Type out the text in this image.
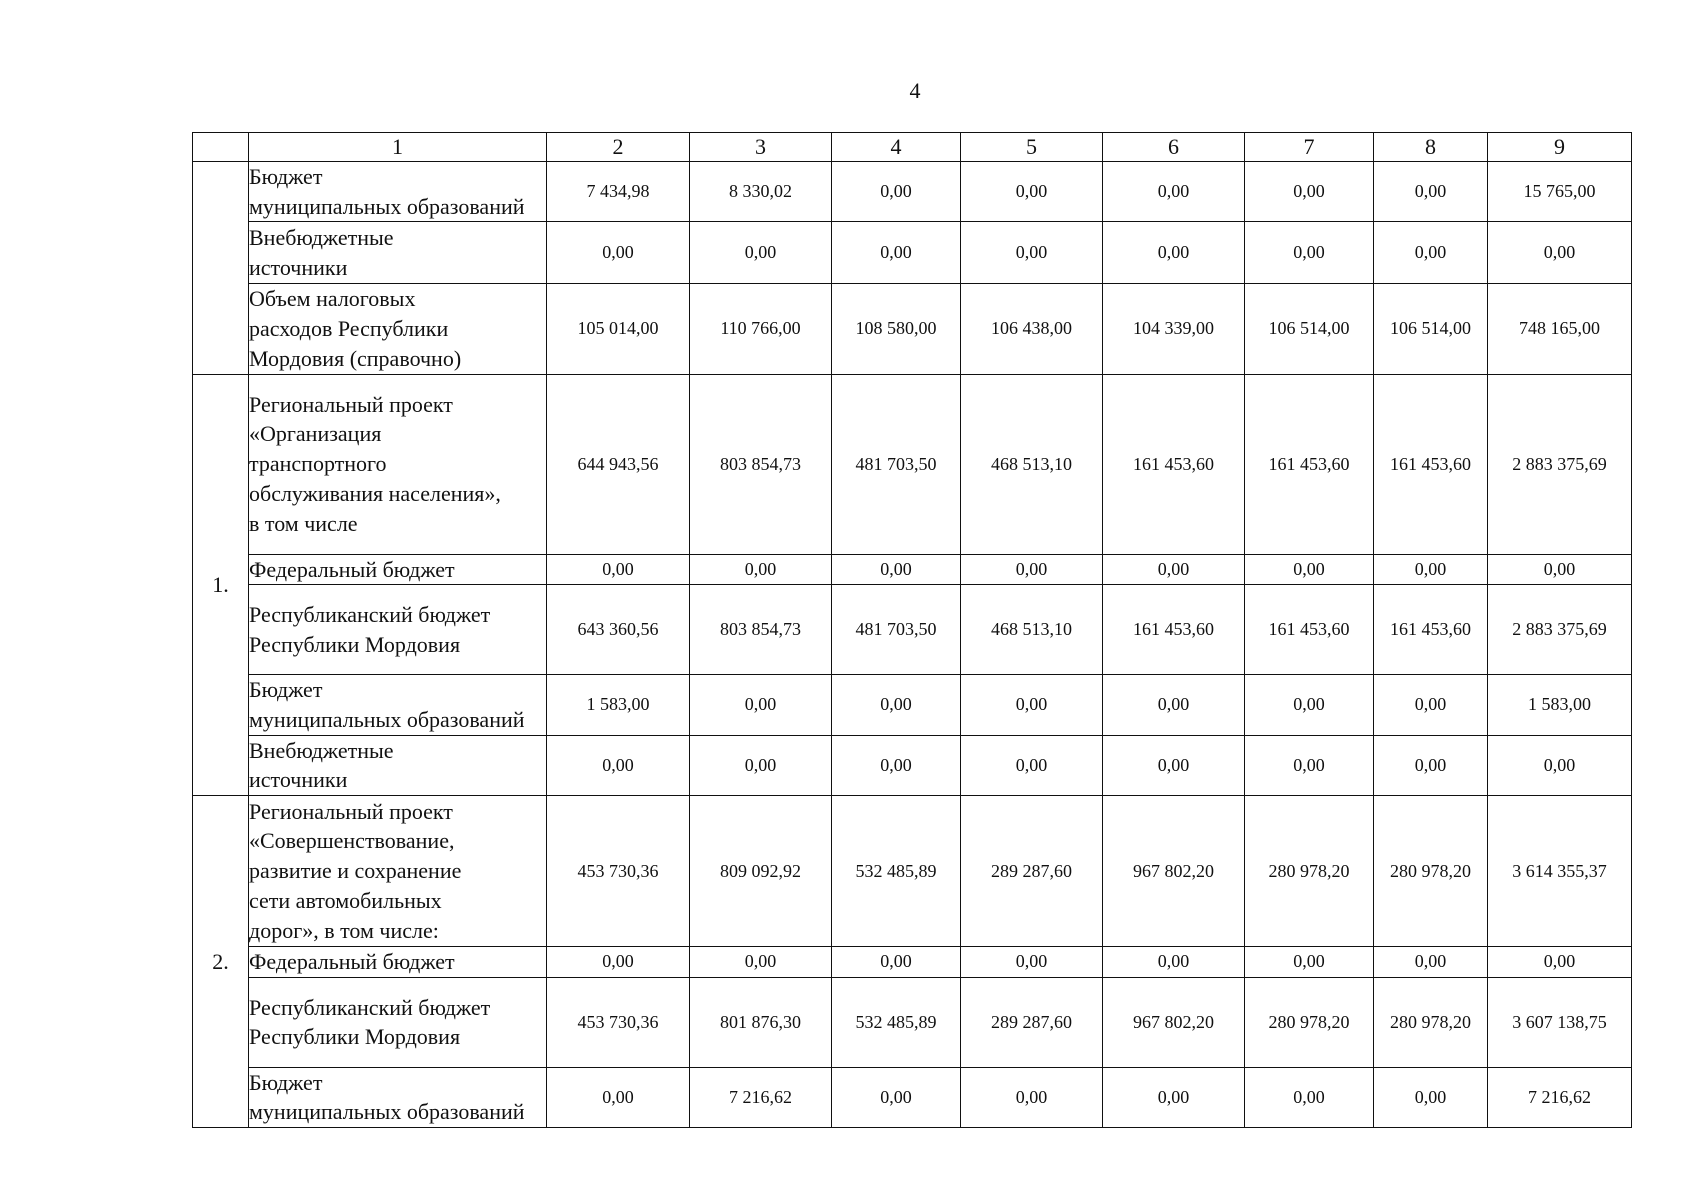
4
	1	2	3	4	5	6	7	8	9

	Бюджет
муниципальных образований	7 434,98	8 330,02	0,00	0,00	0,00	0,00	0,00	15 765,00

	Внебюджетные
источники	0,00	0,00	0,00	0,00	0,00	0,00	0,00	0,00

	Объем налоговых
расходов Республики
Мордовия (справочно)	105 014,00	110 766,00	108 580,00	106 438,00	104 339,00	106 514,00	106 514,00	748 165,00
1.	Региональный проект
«Организация
транспортного
обслуживания населения»,
в том числе	644 943,56	803 854,73	481 703,50	468 513,10	161 453,60	161 453,60	161 453,60	2 883 375,69
	Федеральный бюджет	0,00	0,00	0,00	0,00	0,00	0,00	0,00	0,00

	Республиканский бюджет
Республики Мордовия	643 360,56	803 854,73	481 703,50	468 513,10	161 453,60	161 453,60	161 453,60	2 883 375,69

	Бюджет
муниципальных образований	1 583,00	0,00	0,00	0,00	0,00	0,00	0,00	1 583,00

	Внебюджетные
источники	0,00	0,00	0,00	0,00	0,00	0,00	0,00	0,00
2.	Региональный проект
«Совершенствование,
развитие и сохранение
сети автомобильных
дорог», в том числе:	453 730,36	809 092,92	532 485,89	289 287,60	967 802,20	280 978,20	280 978,20	3 614 355,37
	Федеральный бюджет	0,00	0,00	0,00	0,00	0,00	0,00	0,00	0,00

	Республиканский бюджет
Республики Мордовия	453 730,36	801 876,30	532 485,89	289 287,60	967 802,20	280 978,20	280 978,20	3 607 138,75

	Бюджет
муниципальных образований	0,00	7 216,62	0,00	0,00	0,00	0,00	0,00	7 216,62
